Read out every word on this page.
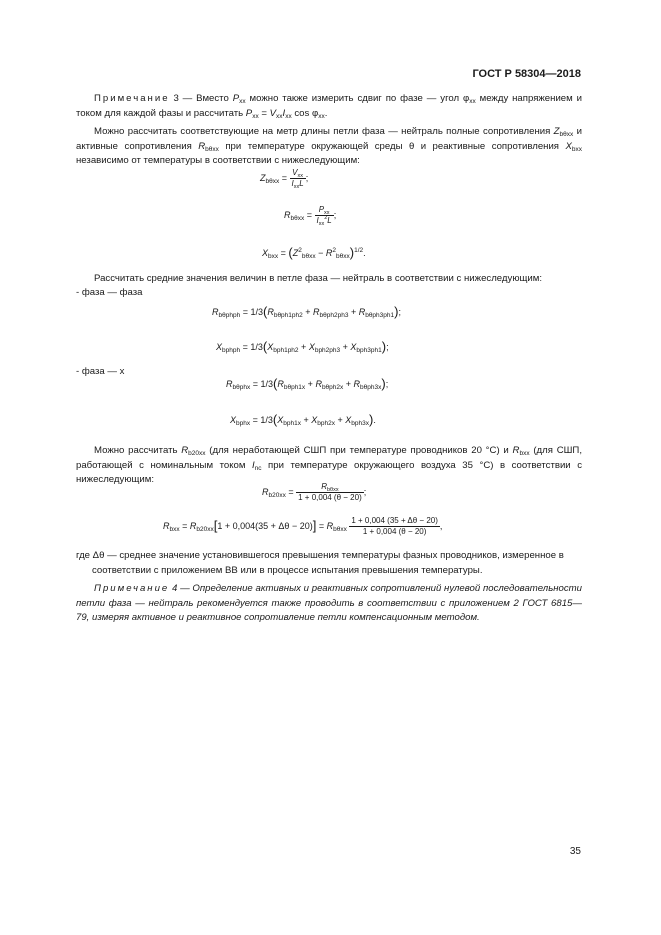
ГОСТ Р 58304—2018
Примечание 3 — Вместо $P_{xx}$ можно также измерить сдвиг по фазе — угол $\varphi_{xx}$ между напряжением и током для каждой фазы и рассчитать $P_{xx} = V_{xx}I_{xx}$ $\cos \varphi_{xx}$.
Можно рассчитать соответствующие на метр длины петли фаза — нейтраль полные сопротивления $Z_{b\theta xx}$ и активные сопротивления $R_{b\theta xx}$ при температуре окружающей среды θ и реактивные сопротивления $X_{bxx}$ независимо от температуры в соответствии с нижеследующим:
$Z_{b\theta xx} = \frac{V_{xx}}{I_{xx}L}$ ;
$R_{b\theta xx} = \frac{P_{xx}}{I_{xx}^2L}$ ;
$X_{bxx} = (Z^2_{b\theta xx} - R^2_{b\theta xx})^{1/2}$.
Рассчитать средние значения величин в петле фаза — нейтраль в соответствии с нижеследующим:
- фаза — фаза
$R_{b\theta phph} = 1/3(R_{b\theta ph1ph2} + R_{b\theta ph2ph3} + R_{b\theta ph3ph1})$;
$X_{bphph} = 1/3(X_{bph1ph2} + X_{bph2ph3} + X_{bph3ph1})$;
- фаза — x
$R_{b\theta phx} = 1/3(R_{b\theta ph1x} + R_{b\theta ph2x} + R_{b\theta ph3x})$;
$X_{bphx} = 1/3(X_{bph1x} + X_{bph2x} + X_{bph3x})$.
Можно рассчитать $R_{b20xx}$ (для неработающей СШП при температуре проводников 20 °С) и $R_{bxx}$ (для СШП, работающей с номинальным током $I_{nc}$ при температуре окружающего воздуха 35 °С) в соответствии с нижеследующим:
$R_{b20xx} = \frac{R_{b\theta xx}}{1 + 0,004 (\theta - 20)}$ ;
$R_{bxx} = R_{b20xx}[1 + 0,004(35 + \Delta\theta - 20)] = R_{b\theta xx} \frac{1 + 0,004 (35 + \Delta\theta - 20)}{1 + 0,004 (\theta - 20)}$ ,
где Δθ — среднее значение установившегося превышения температуры фазных проводников, измеренное в соответствии с приложением ВВ или в процессе испытания превышения температуры.
Примечание 4 — Определение активных и реактивных сопротивлений нулевой последовательности петли фаза — нейтраль рекомендуется также проводить в соответствии с приложением 2 ГОСТ 6815—79, измеряя активное и реактивное сопротивление петли компенсационным методом.
35
